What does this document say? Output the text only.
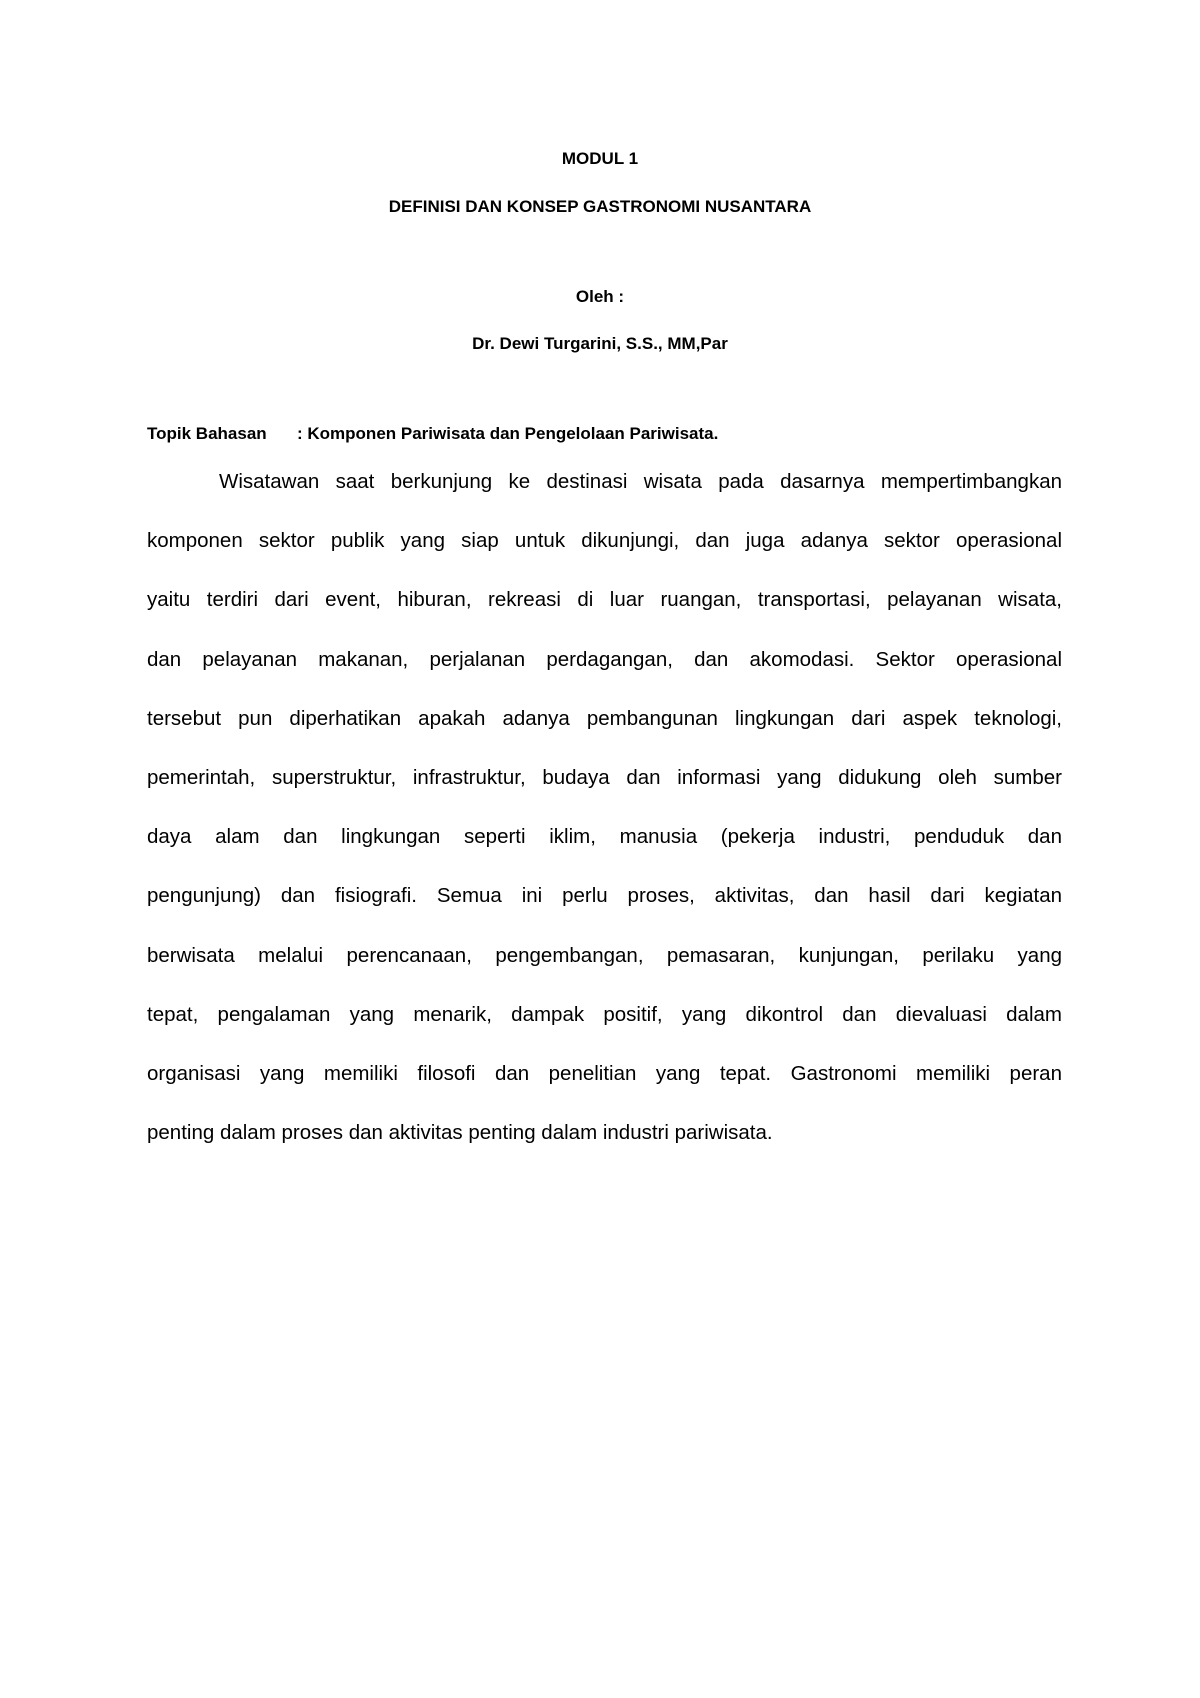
MODUL 1

DEFINISI DAN KONSEP GASTRONOMI NUSANTARA

Oleh :

Dr. Dewi Turgarini, S.S., MM,Par

Topik Bahasan : Komponen Pariwisata dan Pengelolaan Pariwisata.

Wisatawan saat berkunjung ke destinasi wisata pada dasarnya mempertimbangkan
komponen sektor publik yang siap untuk dikunjungi, dan juga adanya sektor operasional
yaitu terdiri dari event, hiburan, rekreasi di luar ruangan, transportasi, pelayanan wisata,
dan pelayanan makanan, perjalanan perdagangan, dan akomodasi. Sektor operasional
tersebut pun diperhatikan apakah adanya pembangunan lingkungan dari aspek teknologi,
pemerintah, superstruktur, infrastruktur, budaya dan informasi yang didukung oleh sumber
daya alam dan lingkungan seperti iklim, manusia (pekerja industri, penduduk dan
pengunjung) dan fisiografi. Semua ini perlu proses, aktivitas, dan hasil dari kegiatan
berwisata melalui perencanaan, pengembangan, pemasaran, kunjungan, perilaku yang
tepat, pengalaman yang menarik, dampak positif, yang dikontrol dan dievaluasi dalam
organisasi yang memiliki filosofi dan penelitian yang tepat. Gastronomi memiliki peran
penting dalam proses dan aktivitas penting dalam industri pariwisata.
